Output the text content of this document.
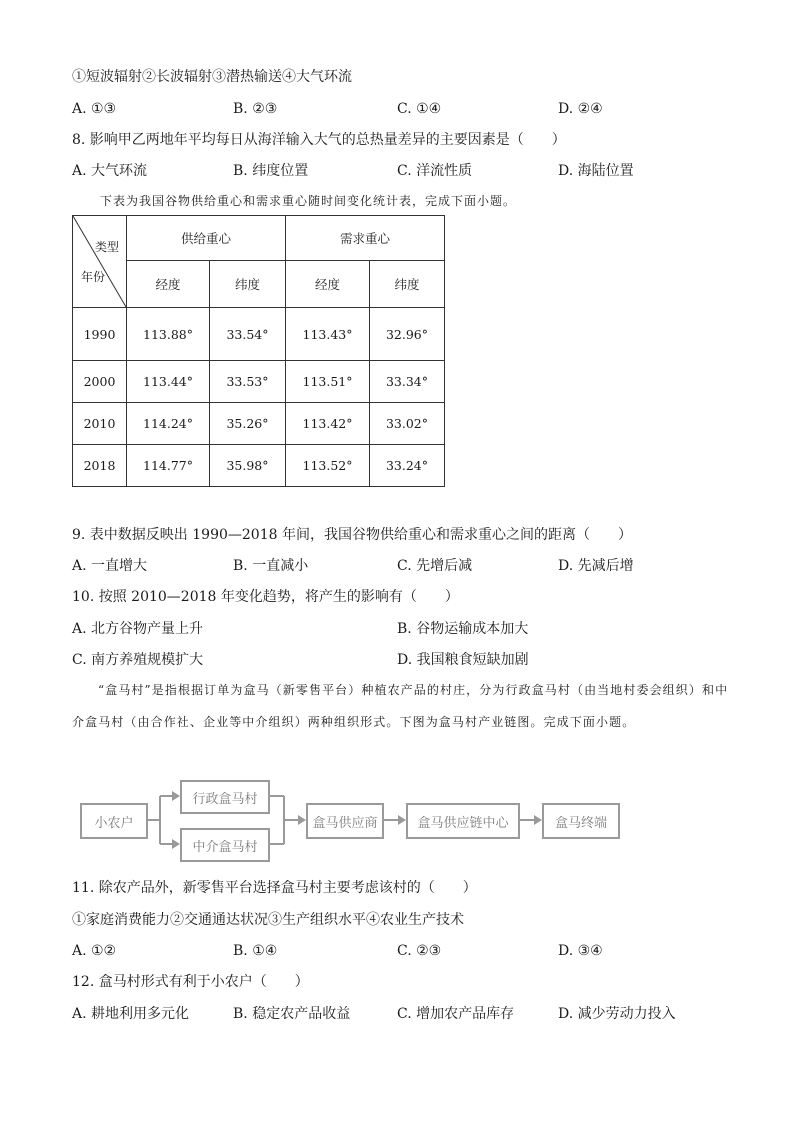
①短波辐射②长波辐射③潜热输送④大气环流
A. ①③	B. ②③	C. ①④	D. ②④
8. 影响甲乙两地年平均每日从海洋输入大气的总热量差异的主要因素是（　　）
A. 大气环流	B. 纬度位置	C. 洋流性质	D. 海陆位置
下表为我国谷物供给重心和需求重心随时间变化统计表，完成下面小题。
类型
年份	供给重心		需求重心	
	经度	纬度	经度	纬度
1990	113.88°	33.54°	113.43°	32.96°
2000	113.44°	33.53°	113.51°	33.34°
2010	114.24°	35.26°	113.42°	33.02°
2018	114.77°	35.98°	113.52°	33.24°
9. 表中数据反映出 1990—2018 年间，我国谷物供给重心和需求重心之间的距离（　　）
A. 一直增大	B. 一直减小	C. 先增后减	D. 先减后增
10. 按照 2010—2018 年变化趋势，将产生的影响有（　　）
A. 北方谷物产量上升	B. 谷物运输成本加大
C. 南方养殖规模扩大	D. 我国粮食短缺加剧
“盒马村”是指根据订单为盒马（新零售平台）种植农产品的村庄，分为行政盒马村（由当地村委会组织）和中介盒马村（由合作社、企业等中介组织）两种组织形式。下图为盒马村产业链图。完成下面小题。
小农户
行政盒马村
中介盒马村
盒马供应商	盒马供应链中心	盒马终端
11. 除农产品外，新零售平台选择盒马村主要考虑该村的（　　）
①家庭消费能力②交通通达状况③生产组织水平④农业生产技术
A. ①②	B. ①④	C. ②③	D. ③④
12. 盒马村形式有利于小农户（　　）
A. 耕地利用多元化	B. 稳定农产品收益	C. 增加农产品库存	D. 减少劳动力投入
